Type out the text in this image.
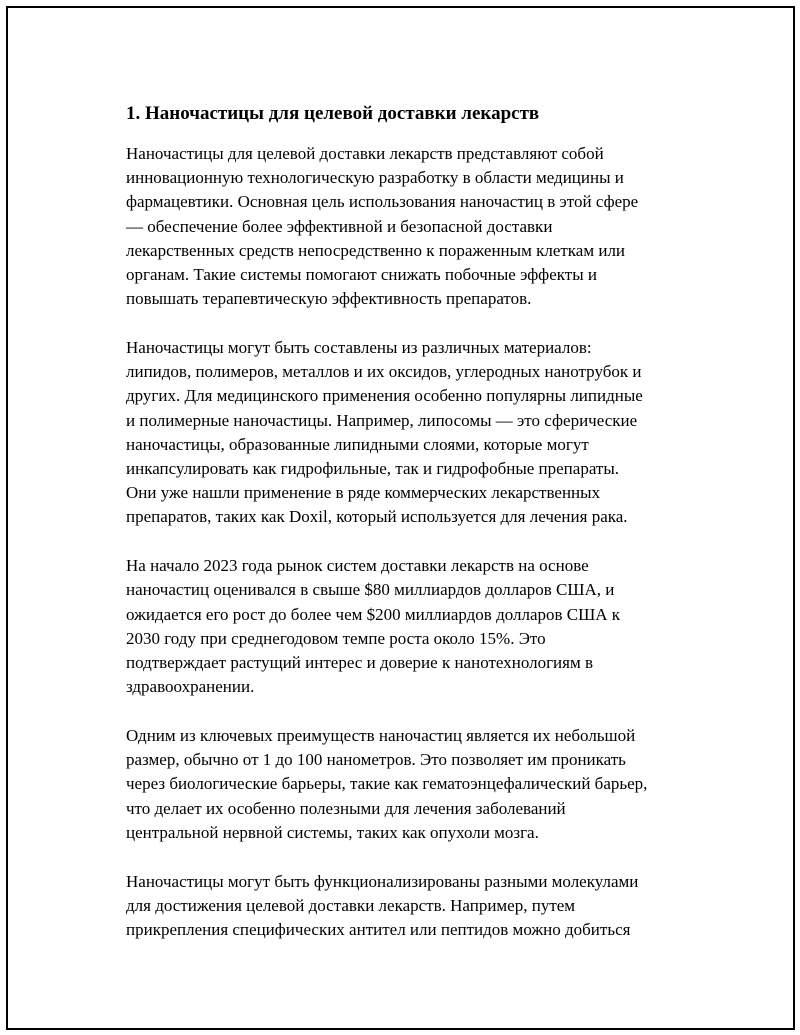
1. Наночастицы для целевой доставки лекарств

Наночастицы для целевой доставки лекарств представляют собой
инновационную технологическую разработку в области медицины и
фармацевтики. Основная цель использования наночастиц в этой сфере
— обеспечение более эффективной и безопасной доставки
лекарственных средств непосредственно к пораженным клеткам или
органам. Такие системы помогают снижать побочные эффекты и
повышать терапевтическую эффективность препаратов.

Наночастицы могут быть составлены из различных материалов:
липидов, полимеров, металлов и их оксидов, углеродных нанотрубок и
других. Для медицинского применения особенно популярны липидные
и полимерные наночастицы. Например, липосомы — это сферические
наночастицы, образованные липидными слоями, которые могут
инкапсулировать как гидрофильные, так и гидрофобные препараты.
Они уже нашли применение в ряде коммерческих лекарственных
препаратов, таких как Doxil, который используется для лечения рака.

На начало 2023 года рынок систем доставки лекарств на основе
наночастиц оценивался в свыше $80 миллиардов долларов США, и
ожидается его рост до более чем $200 миллиардов долларов США к
2030 году при среднегодовом темпе роста около 15%. Это
подтверждает растущий интерес и доверие к нанотехнологиям в
здравоохранении.

Одним из ключевых преимуществ наночастиц является их небольшой
размер, обычно от 1 до 100 нанометров. Это позволяет им проникать
через биологические барьеры, такие как гематоэнцефалический барьер,
что делает их особенно полезными для лечения заболеваний
центральной нервной системы, таких как опухоли мозга.

Наночастицы могут быть функционализированы разными молекулами
для достижения целевой доставки лекарств. Например, путем
прикрепления специфических антител или пептидов можно добиться
